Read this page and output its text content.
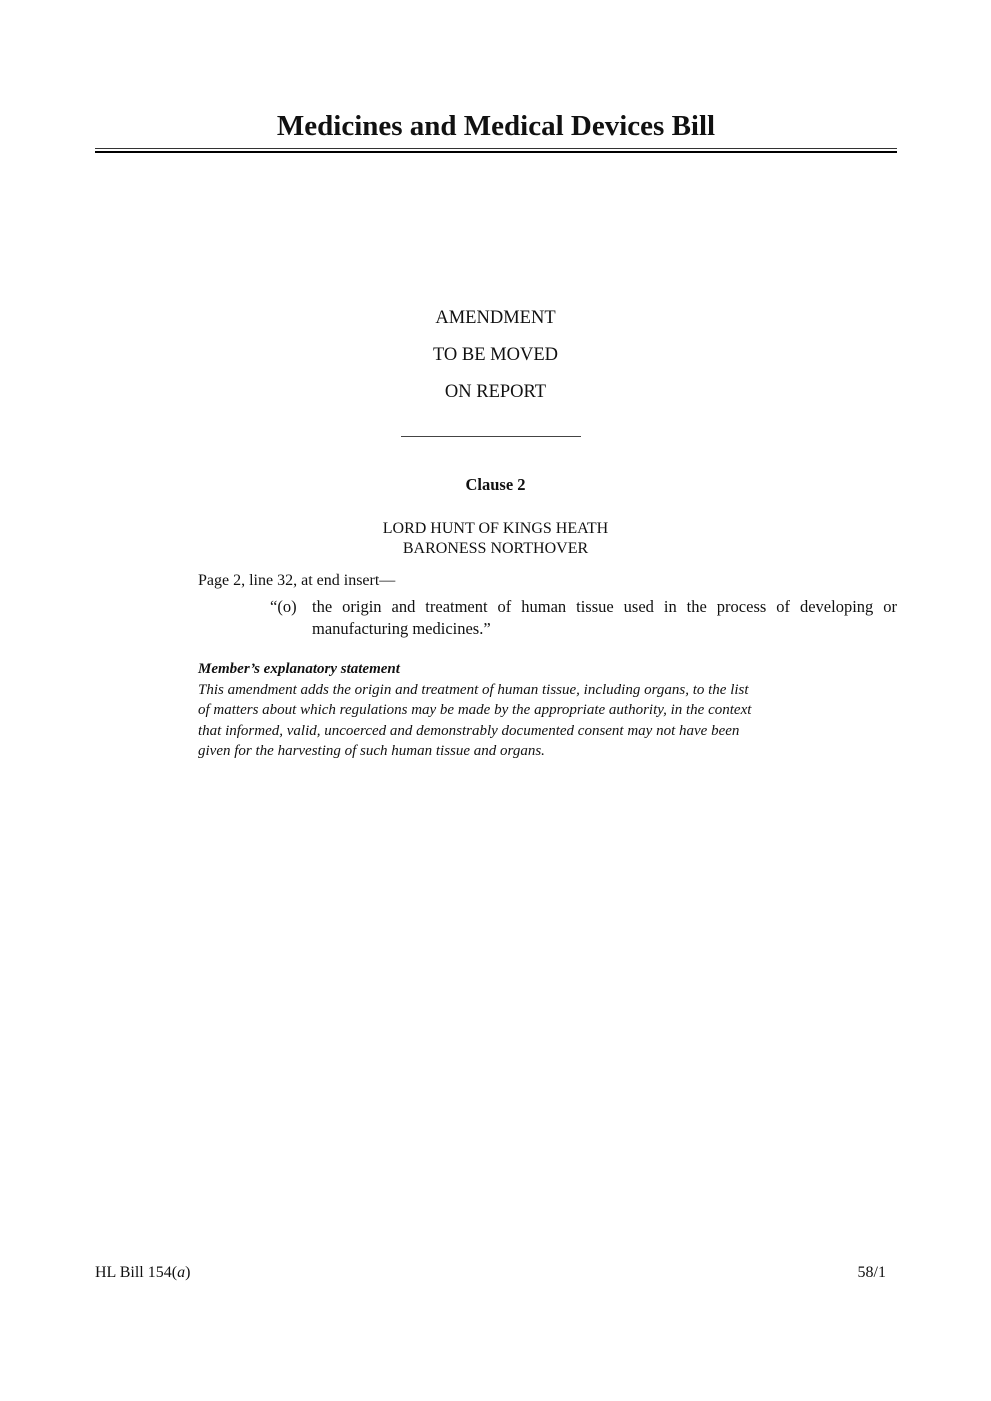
Medicines and Medical Devices Bill
AMENDMENT
TO BE MOVED
ON REPORT
Clause 2
LORD HUNT OF KINGS HEATH
BARONESS NORTHOVER
Page 2, line 32, at end insert—
“(o) the origin and treatment of human tissue used in the process of developing or manufacturing medicines.”
Member’s explanatory statement
This amendment adds the origin and treatment of human tissue, including organs, to the list
of matters about which regulations may be made by the appropriate authority, in the context
that informed, valid, uncoerced and demonstrably documented consent may not have been
given for the harvesting of such human tissue and organs.
HL Bill 154(a)	58/1
